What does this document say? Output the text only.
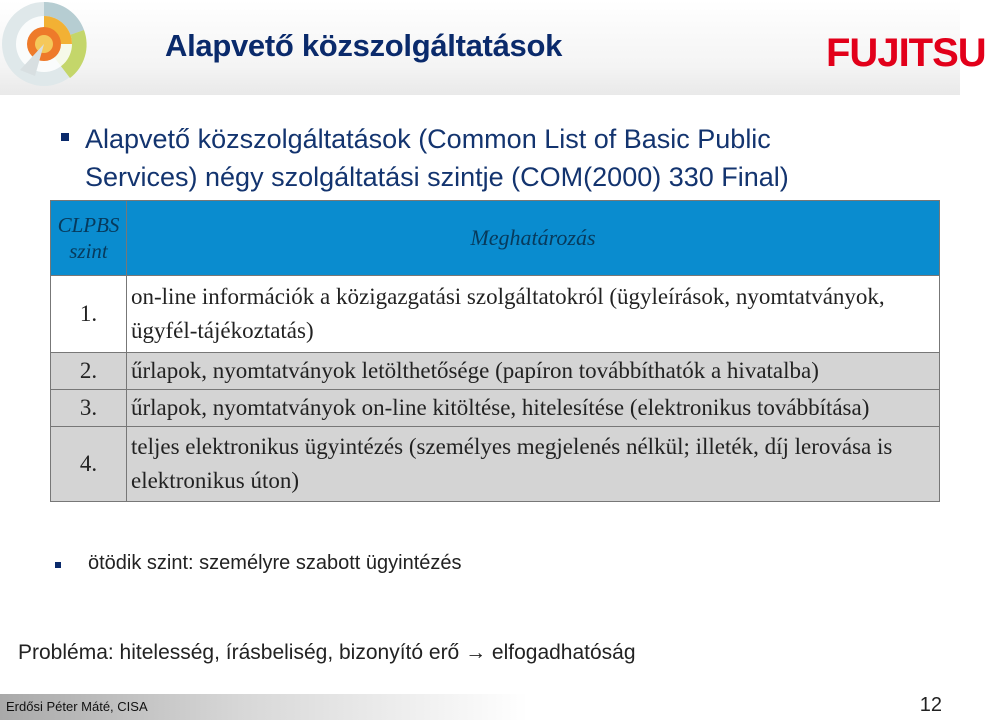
Alapvető közszolgáltatások	FUJITSU
Alapvető közszolgáltatások (Common List of Basic Public
Services) négy szolgáltatási szintje (COM(2000) 330 Final)
CLPBS szint	Meghatározás
1.	on-line információk a közigazgatási szolgáltatokról (ügyleírások, nyomtatványok, ügyfél-tájékoztatás)
2.	űrlapok, nyomtatványok letölthetősége (papíron továbbíthatók a hivatalba)
3.	űrlapok, nyomtatványok on-line kitöltése, hitelesítése (elektronikus továbbítása)
4.	teljes elektronikus ügyintézés (személyes megjelenés nélkül; illeték, díj lerovása is elektronikus úton)
ötödik szint: személyre szabott ügyintézés
Probléma: hitelesség, írásbeliség, bizonyító erő → elfogadhatóság
Erdősi Péter Máté, CISA	12
